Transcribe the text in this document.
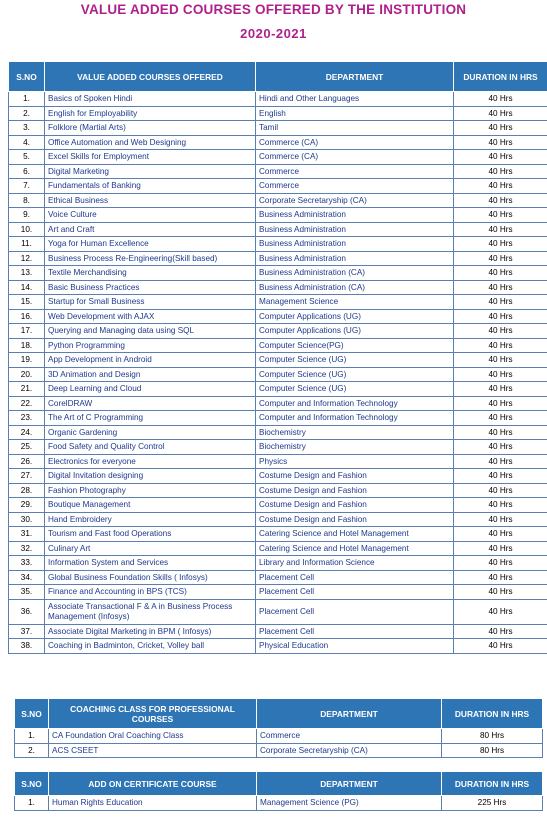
VALUE ADDED COURSES OFFERED BY THE INSTITUTION
2020-2021
S.NO	VALUE ADDED COURSES OFFERED	DEPARTMENT	DURATION IN HRS
1.	Basics of Spoken Hindi	Hindi and Other Languages	40 Hrs
2.	English for Employability	English	40 Hrs
3.	Folklore (Martial Arts)	Tamil	40 Hrs
4.	Office Automation and Web Designing	Commerce (CA)	40 Hrs
5.	Excel Skills for Employment	Commerce (CA)	40 Hrs
6.	Digital Marketing	Commerce	40 Hrs
7.	Fundamentals of Banking	Commerce	40 Hrs
8.	Ethical Business	Corporate Secretaryship (CA)	40 Hrs
9.	Voice Culture	Business Administration	40 Hrs
10.	Art and Craft	Business Administration	40 Hrs
11.	Yoga for Human Excellence	Business Administration	40 Hrs
12.	Business Process Re-Engineering(Skill based)	Business Administration	40 Hrs
13.	Textile Merchandising	Business Administration (CA)	40 Hrs
14.	Basic Business Practices	Business Administration (CA)	40 Hrs
15.	Startup for Small Business	Management Science	40 Hrs
16.	Web Development with AJAX	Computer Applications (UG)	40 Hrs
17.	Querying and Managing data using SQL	Computer Applications (UG)	40 Hrs
18.	Python Programming	Computer Science(PG)	40 Hrs
19.	App Development in Android	Computer Science (UG)	40 Hrs
20.	3D Animation and Design	Computer Science (UG)	40 Hrs
21.	Deep Learning and Cloud	Computer Science (UG)	40 Hrs
22.	CorelDRAW	Computer and Information Technology	40 Hrs
23.	The Art of C Programming	Computer and Information Technology	40 Hrs
24.	Organic Gardening	Biochemistry	40 Hrs
25.	Food Safety and Quality Control	Biochemistry	40 Hrs
26.	Electronics for everyone	Physics	40 Hrs
27.	Digital Invitation designing	Costume Design and Fashion	40 Hrs
28.	Fashion Photography	Costume Design and Fashion	40 Hrs
29.	Boutique Management	Costume Design and Fashion	40 Hrs
30.	Hand Embroidery	Costume Design and Fashion	40 Hrs
31.	Tourism and Fast food Operations	Catering Science and Hotel Management	40 Hrs
32.	Culinary Art	Catering Science and Hotel Management	40 Hrs
33.	Information System and Services	Library and Information Science	40 Hrs
34.	Global Business Foundation Skills ( Infosys)	Placement Cell	40 Hrs
35.	Finance and Accounting in BPS (TCS)	Placement Cell	40 Hrs
36.	Associate Transactional F & A in Business Process Management (Infosys)	Placement Cell	40 Hrs
37.	Associate Digital Marketing in BPM ( Infosys)	Placement Cell	40 Hrs
38.	Coaching in Badminton, Cricket, Volley ball	Physical Education	40 Hrs
S.NO	COACHING CLASS FOR PROFESSIONAL COURSES	DEPARTMENT	DURATION IN HRS
1.	CA Foundation Oral Coaching Class	Commerce	80 Hrs
2.	ACS CSEET	Corporate Secretaryship (CA)	80 Hrs
S.NO	ADD ON CERTIFICATE COURSE	DEPARTMENT	DURATION IN HRS
1.	Human Rights Education	Management Science (PG)	225 Hrs
